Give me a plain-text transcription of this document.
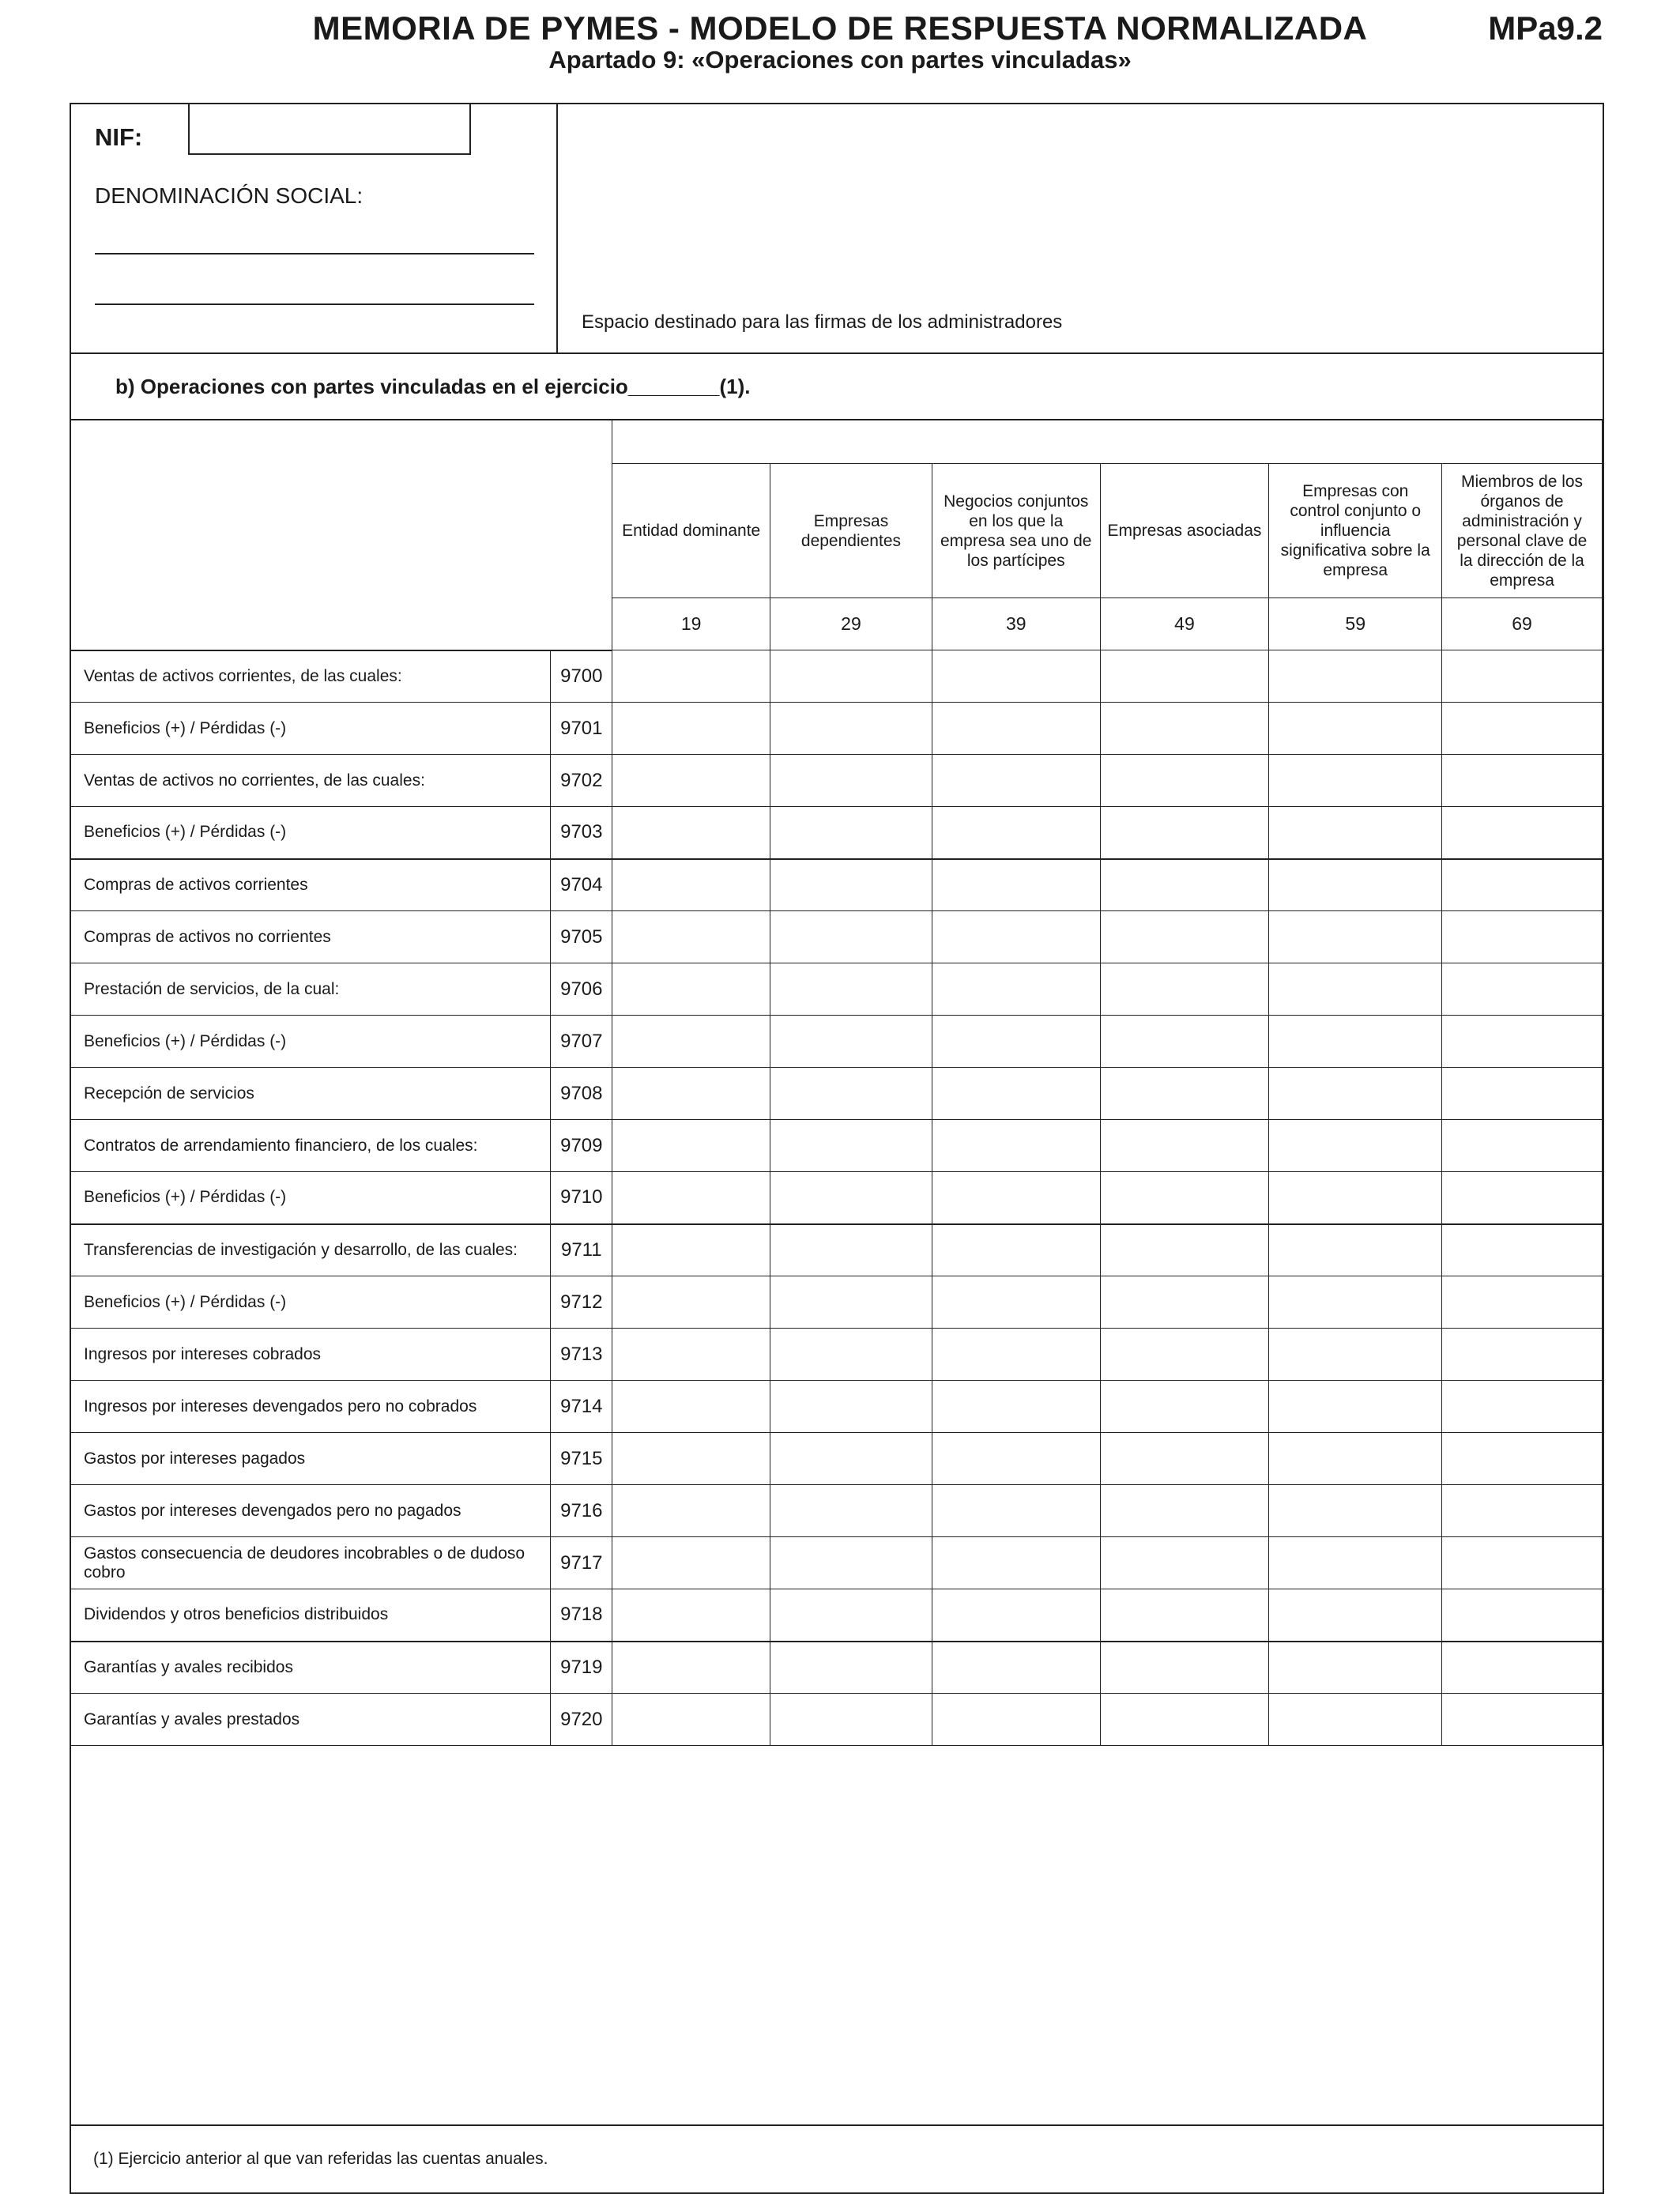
MEMORIA DE PYMES - MODELO DE RESPUESTA NORMALIZADA
Apartado 9: «Operaciones con partes vinculadas»
MPa9.2
NIF:
DENOMINACIÓN SOCIAL:
Espacio destinado para las firmas de los administradores
b) Operaciones con partes vinculadas en el ejercicio________(1).

		Entidad dominante	Empresas dependientes	Negocios conjuntos en los que la empresa sea uno de los partícipes	Empresas asociadas	Empresas con control conjunto o influencia significativa sobre la empresa	Miembros de los órganos de administración y personal clave de la dirección de la empresa
		19	29	39	49	59	69
Ventas de activos corrientes, de las cuales:	9700						
Beneficios (+) / Pérdidas (-)	9701						
Ventas de activos no corrientes, de las cuales:	9702						
Beneficios (+) / Pérdidas (-)	9703						
Compras de activos corrientes	9704						
Compras de activos no corrientes	9705						
Prestación de servicios, de la cual:	9706						
Beneficios (+) / Pérdidas (-)	9707						
Recepción de servicios	9708						
Contratos de arrendamiento financiero, de los cuales:	9709						
Beneficios (+) / Pérdidas (-)	9710						
Transferencias de investigación y desarrollo, de las cuales:	9711						
Beneficios (+) / Pérdidas (-)	9712						
Ingresos por intereses cobrados	9713						
Ingresos por intereses devengados pero no cobrados	9714						
Gastos por intereses pagados	9715						
Gastos por intereses devengados pero no pagados	9716						
Gastos consecuencia de deudores incobrables o de dudoso cobro	9717						
Dividendos y otros beneficios distribuidos	9718						
Garantías y avales recibidos	9719						
Garantías y avales prestados	9720						
(1) Ejercicio anterior al que van referidas las cuentas anuales.
